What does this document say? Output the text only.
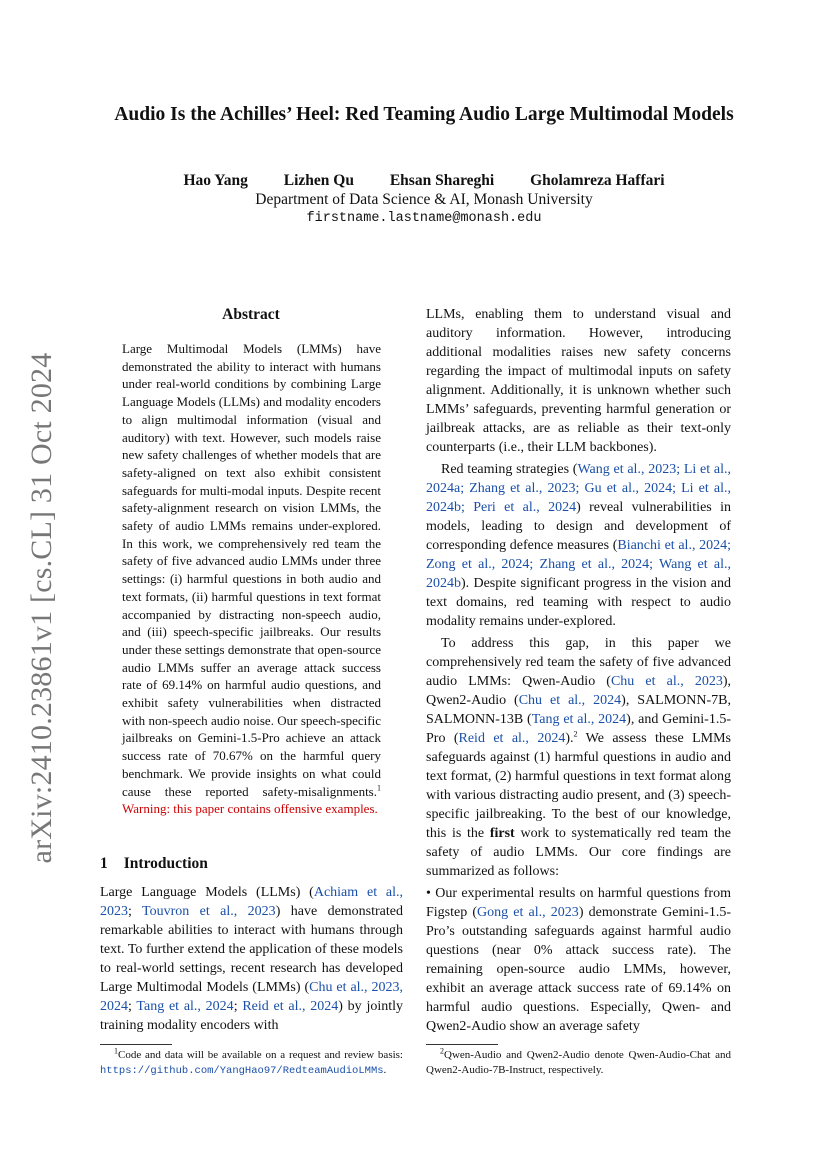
arXiv:2410.23861v1 [cs.CL] 31 Oct 2024
Audio Is the Achilles’ Heel: Red Teaming Audio Large Multimodal Models
Hao Yang Lizhen Qu Ehsan Shareghi Gholamreza Haffari
Department of Data Science & AI, Monash University
firstname.lastname@monash.edu
Abstract
Large Multimodal Models (LMMs) have demonstrated the ability to interact with humans under real-world conditions by combining Large Language Models (LLMs) and modality encoders to align multimodal information (visual and auditory) with text. However, such models raise new safety challenges of whether models that are safety-aligned on text also exhibit consistent safeguards for multi-modal inputs. Despite recent safety-alignment research on vision LMMs, the safety of audio LMMs remains under-explored. In this work, we comprehensively red team the safety of five advanced audio LMMs under three settings: (i) harmful questions in both audio and text formats, (ii) harmful questions in text format accompanied by distracting non-speech audio, and (iii) speech-specific jailbreaks. Our results under these settings demonstrate that open-source audio LMMs suffer an average attack success rate of 69.14% on harmful audio questions, and exhibit safety vulnerabilities when distracted with non-speech audio noise. Our speech-specific jailbreaks on Gemini-1.5-Pro achieve an attack success rate of 70.67% on the harmful query benchmark. We provide insights on what could cause these reported safety-misalignments.$^1$ Warning: this paper contains offensive examples.
1 Introduction

Large Language Models (LLMs) (Achiam et al., 2023; Touvron et al., 2023) have demonstrated remarkable abilities to interact with humans through text. To further extend the application of these models to real-world settings, recent research has developed Large Multimodal Models (LMMs) (Chu et al., 2023, 2024; Tang et al., 2024; Reid et al., 2024) by jointly training modality encoders with

LLMs, enabling them to understand visual and auditory information. However, introducing additional modalities raises new safety concerns regarding the impact of multimodal inputs on safety alignment. Additionally, it is unknown whether such LMMs’ safeguards, preventing harmful generation or jailbreak attacks, are as reliable as their text-only counterparts (i.e., their LLM backbones).

Red teaming strategies (Wang et al., 2023; Li et al., 2024a; Zhang et al., 2023; Gu et al., 2024; Li et al., 2024b; Peri et al., 2024) reveal vulnerabilities in models, leading to design and development of corresponding defence measures (Bianchi et al., 2024; Zong et al., 2024; Zhang et al., 2024; Wang et al., 2024b). Despite significant progress in the vision and text domains, red teaming with respect to audio modality remains under-explored.

To address this gap, in this paper we comprehensively red team the safety of five advanced audio LMMs: Qwen-Audio (Chu et al., 2023), Qwen2-Audio (Chu et al., 2024), SALMONN-7B, SALMONN-13B (Tang et al., 2024), and Gemini-1.5-Pro (Reid et al., 2024).$^2$ We assess these LMMs safeguards against (1) harmful questions in audio and text format, (2) harmful questions in text format along with various distracting audio present, and (3) speech-specific jailbreaking. To the best of our knowledge, this is the first work to systematically red team the safety of audio LMMs. Our core findings are summarized as follows:

• Our experimental results on harmful questions from Figstep (Gong et al., 2023) demonstrate Gemini-1.5-Pro’s outstanding safeguards against harmful audio questions (near 0% attack success rate). The remaining open-source audio LMMs, however, exhibit an average attack success rate of 69.14% on harmful audio questions. Especially, Qwen- and Qwen2-Audio show an average safety

$^1$Code and data will be available on a request and review basis: https://github.com/YangHao97/RedteamAudioLMMs.
$^2$Qwen-Audio and Qwen2-Audio denote Qwen-Audio-Chat and Qwen2-Audio-7B-Instruct, respectively.
